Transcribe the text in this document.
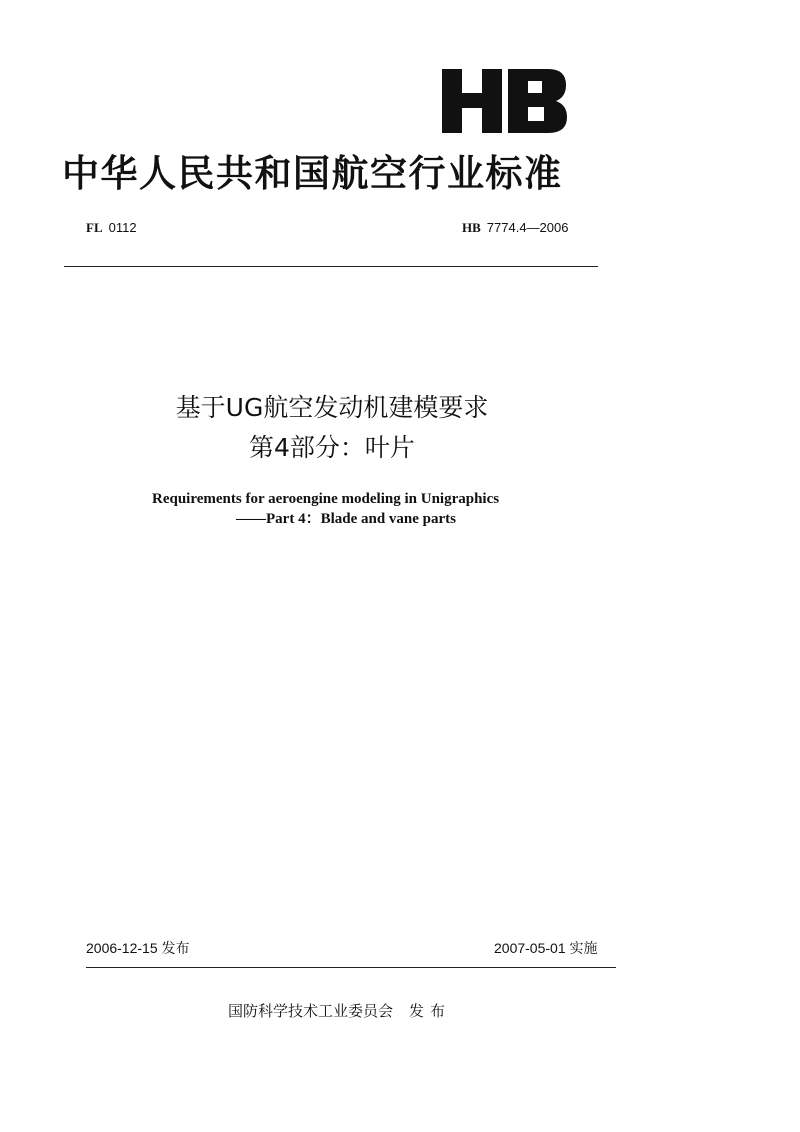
中华人民共和国航空行业标准
FL 0112	HB 7774.4—2006
基于UG航空发动机建模要求
第4部分：叶片
Requirements for aeroengine modeling in Unigraphics
——Part 4：Blade and vane parts
2006-12-15 发布	2007-05-01 实施
国防科学技术工业委员会 发布
